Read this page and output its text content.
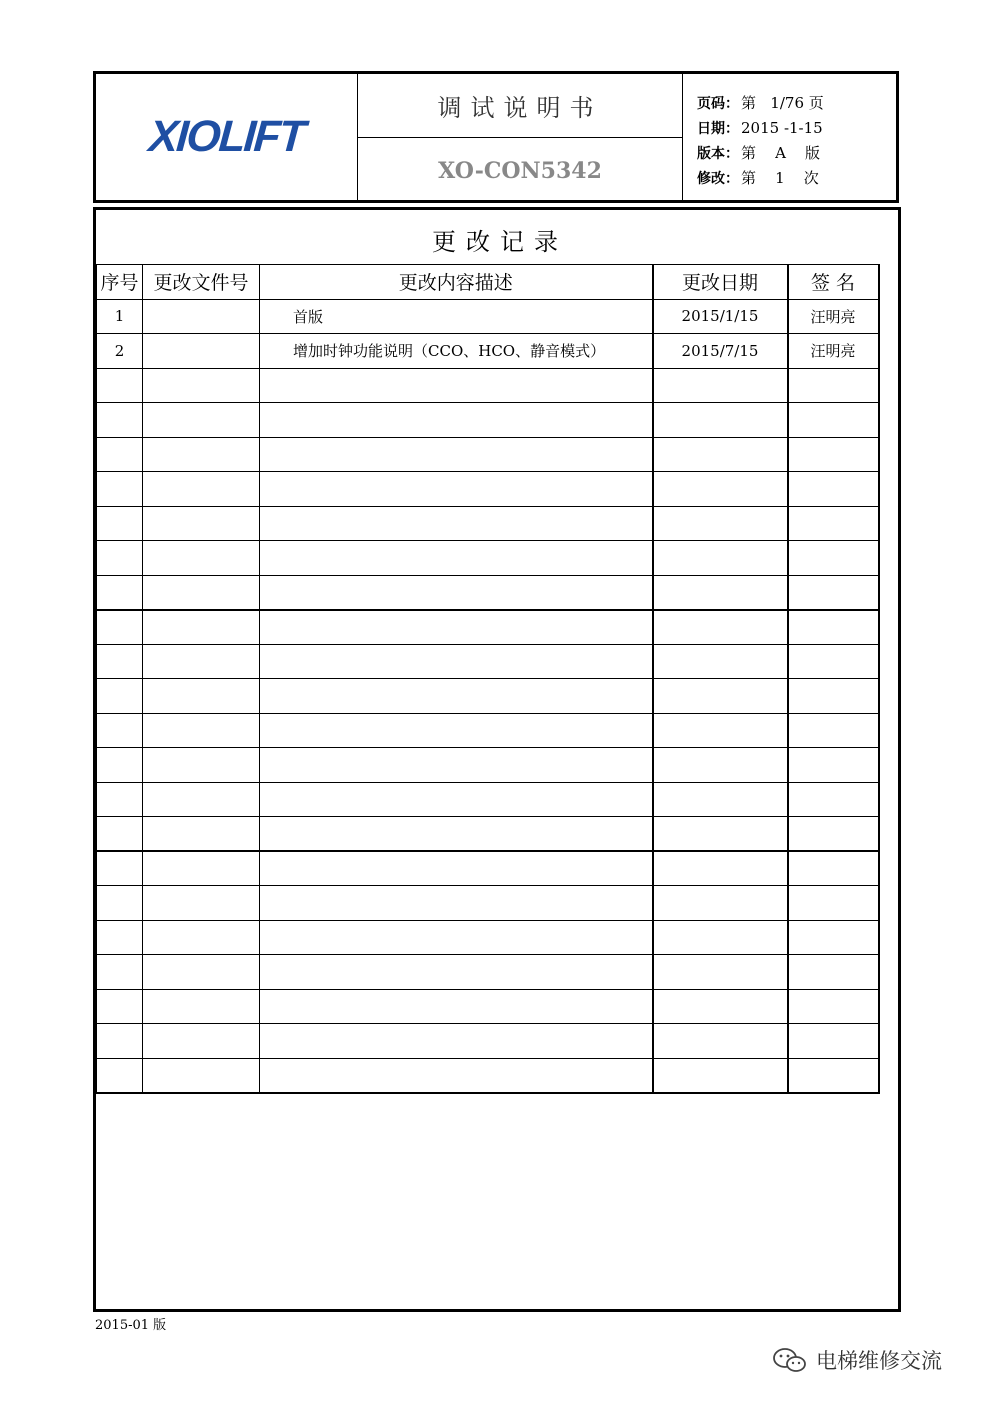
XIOLIFT
调试说明书
XO-CON5342
页码： 第   1/76 页
日期： 2015 -1-15
版本： 第    A    版
修改： 第    1    次
更改记录
序号	更改文件号	更改内容描述	更改日期	签 名
1		首版	2015/1/15	汪明亮
2		增加时钟功能说明（CCO、HCO、静音模式）	2015/7/15	汪明亮

2015-01 版
电梯维修交流
